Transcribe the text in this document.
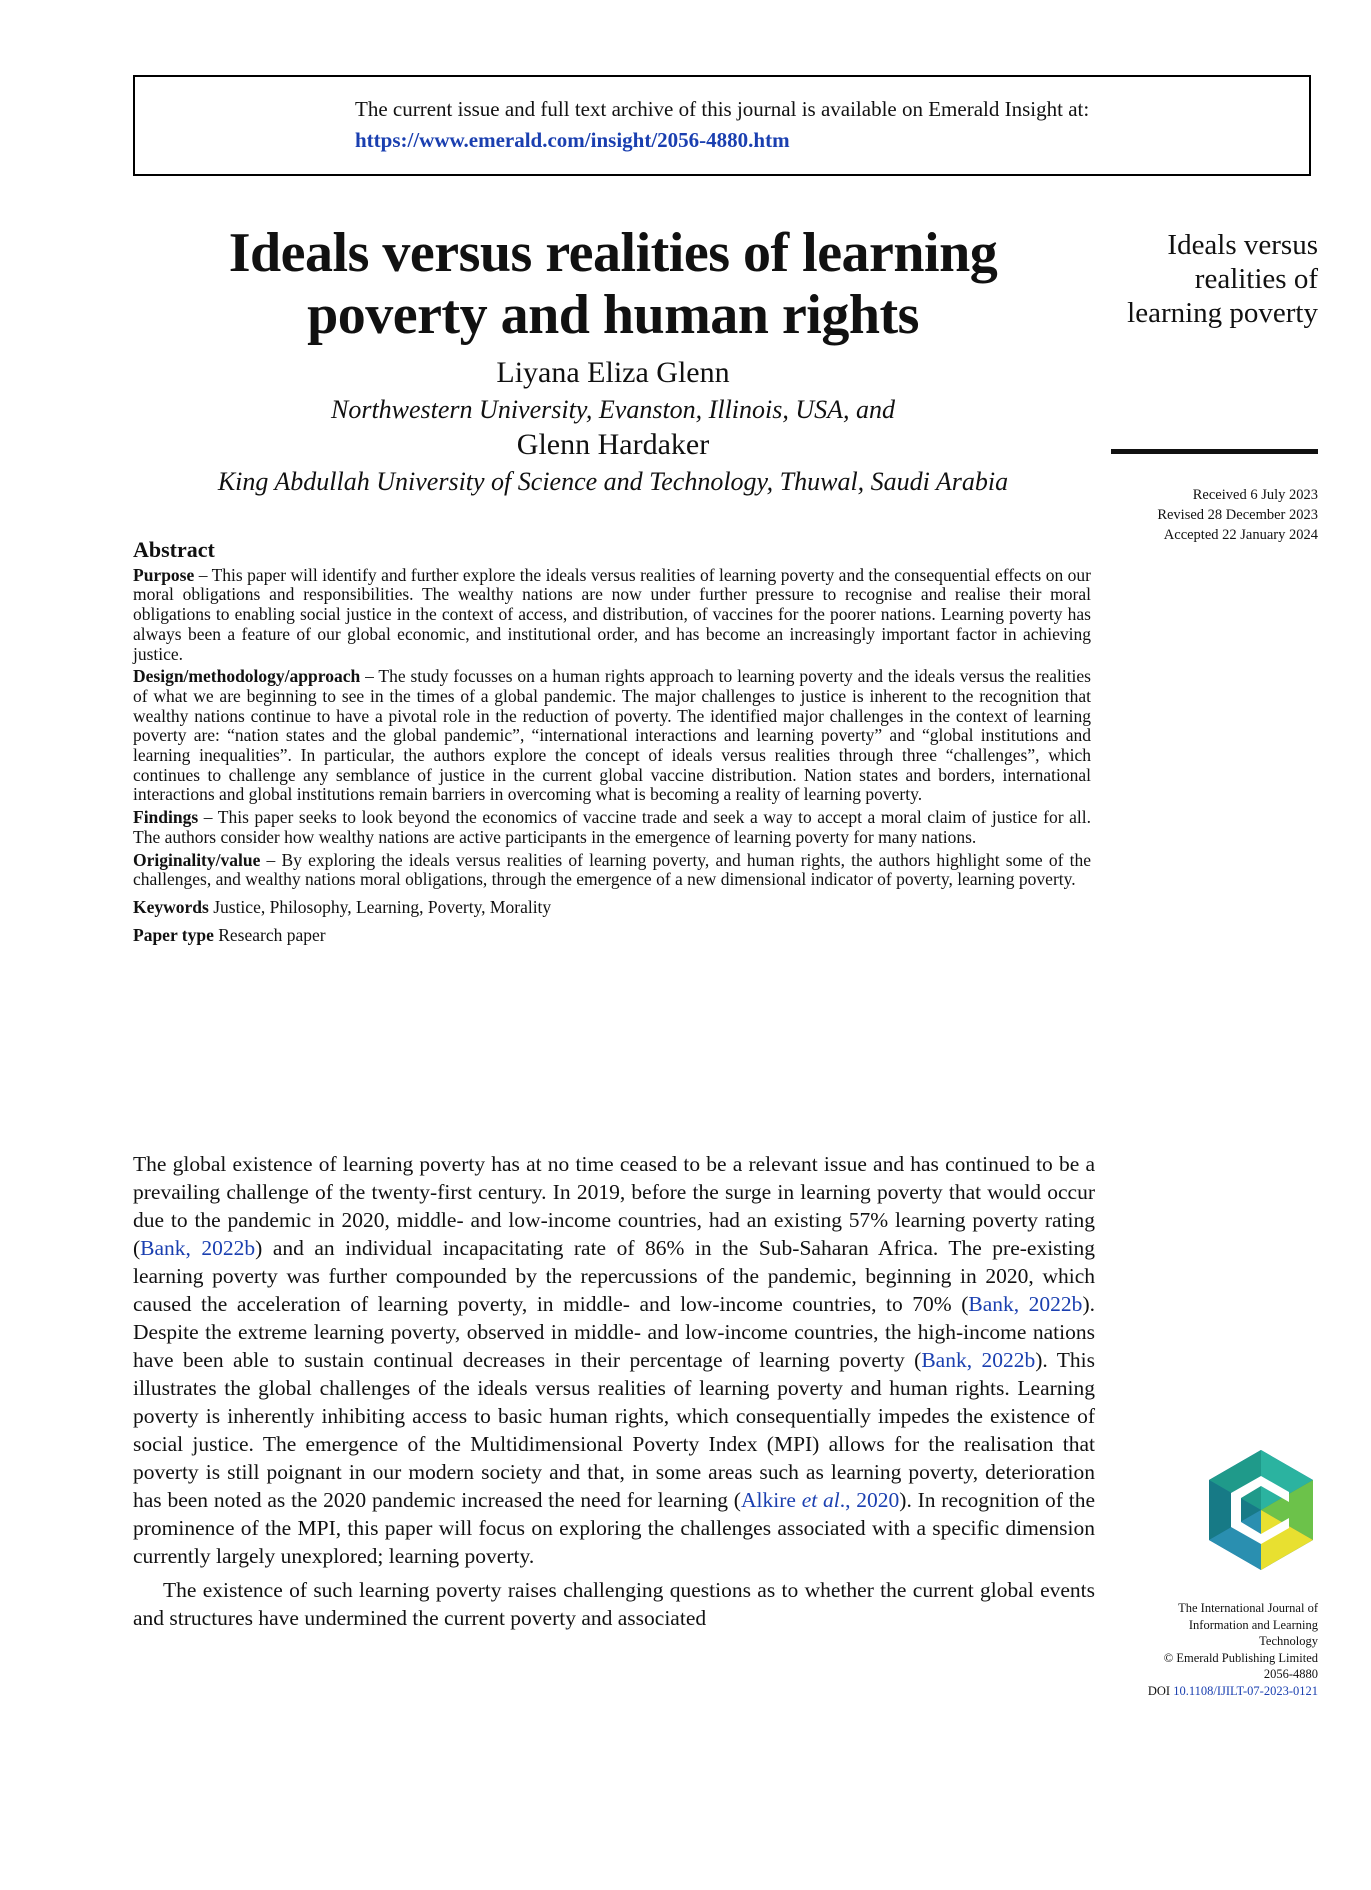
The current issue and full text archive of this journal is available on Emerald Insight at:
https://www.emerald.com/insight/2056-4880.htm
Ideals versus realities of learning poverty and human rights
Liyana Eliza Glenn
Northwestern University, Evanston, Illinois, USA, and
Glenn Hardaker
King Abdullah University of Science and Technology, Thuwal, Saudi Arabia
Ideals versus realities of learning poverty
Received 6 July 2023
Revised 28 December 2023
Accepted 22 January 2024
Abstract

Purpose – This paper will identify and further explore the ideals versus realities of learning poverty and the consequential effects on our moral obligations and responsibilities. The wealthy nations are now under further pressure to recognise and realise their moral obligations to enabling social justice in the context of access, and distribution, of vaccines for the poorer nations. Learning poverty has always been a feature of our global economic, and institutional order, and has become an increasingly important factor in achieving justice.

Design/methodology/approach – The study focusses on a human rights approach to learning poverty and the ideals versus the realities of what we are beginning to see in the times of a global pandemic. The major challenges to justice is inherent to the recognition that wealthy nations continue to have a pivotal role in the reduction of poverty. The identified major challenges in the context of learning poverty are: “nation states and the global pandemic”, “international interactions and learning poverty” and “global institutions and learning inequalities”. In particular, the authors explore the concept of ideals versus realities through three “challenges”, which continues to challenge any semblance of justice in the current global vaccine distribution. Nation states and borders, international interactions and global institutions remain barriers in overcoming what is becoming a reality of learning poverty.

Findings – This paper seeks to look beyond the economics of vaccine trade and seek a way to accept a moral claim of justice for all. The authors consider how wealthy nations are active participants in the emergence of learning poverty for many nations.

Originality/value – By exploring the ideals versus realities of learning poverty, and human rights, the authors highlight some of the challenges, and wealthy nations moral obligations, through the emergence of a new dimensional indicator of poverty, learning poverty.

Keywords Justice, Philosophy, Learning, Poverty, Morality
Paper type Research paper

The global existence of learning poverty has at no time ceased to be a relevant issue and has continued to be a prevailing challenge of the twenty-first century. In 2019, before the surge in learning poverty that would occur due to the pandemic in 2020, middle- and low-income countries, had an existing 57% learning poverty rating (Bank, 2022b) and an individual incapacitating rate of 86% in the Sub-Saharan Africa. The pre-existing learning poverty was further compounded by the repercussions of the pandemic, beginning in 2020, which caused the acceleration of learning poverty, in middle- and low-income countries, to 70% (Bank, 2022b). Despite the extreme learning poverty, observed in middle- and low-income countries, the high-income nations have been able to sustain continual decreases in their percentage of learning poverty (Bank, 2022b). This illustrates the global challenges of the ideals versus realities of learning poverty and human rights. Learning poverty is inherently inhibiting access to basic human rights, which consequentially impedes the existence of social justice. The emergence of the Multidimensional Poverty Index (MPI) allows for the realisation that poverty is still poignant in our modern society and that, in some areas such as learning poverty, deterioration has been noted as the 2020 pandemic increased the need for learning (Alkire et al., 2020). In recognition of the prominence of the MPI, this paper will focus on exploring the challenges associated with a specific dimension currently largely unexplored; learning poverty.

The existence of such learning poverty raises challenging questions as to whether the current global events and structures have undermined the current poverty and associated	The International Journal of
Information and Learning
Technology
© Emerald Publishing Limited
2056-4880
DOI 10.1108/IJILT-07-2023-0121
